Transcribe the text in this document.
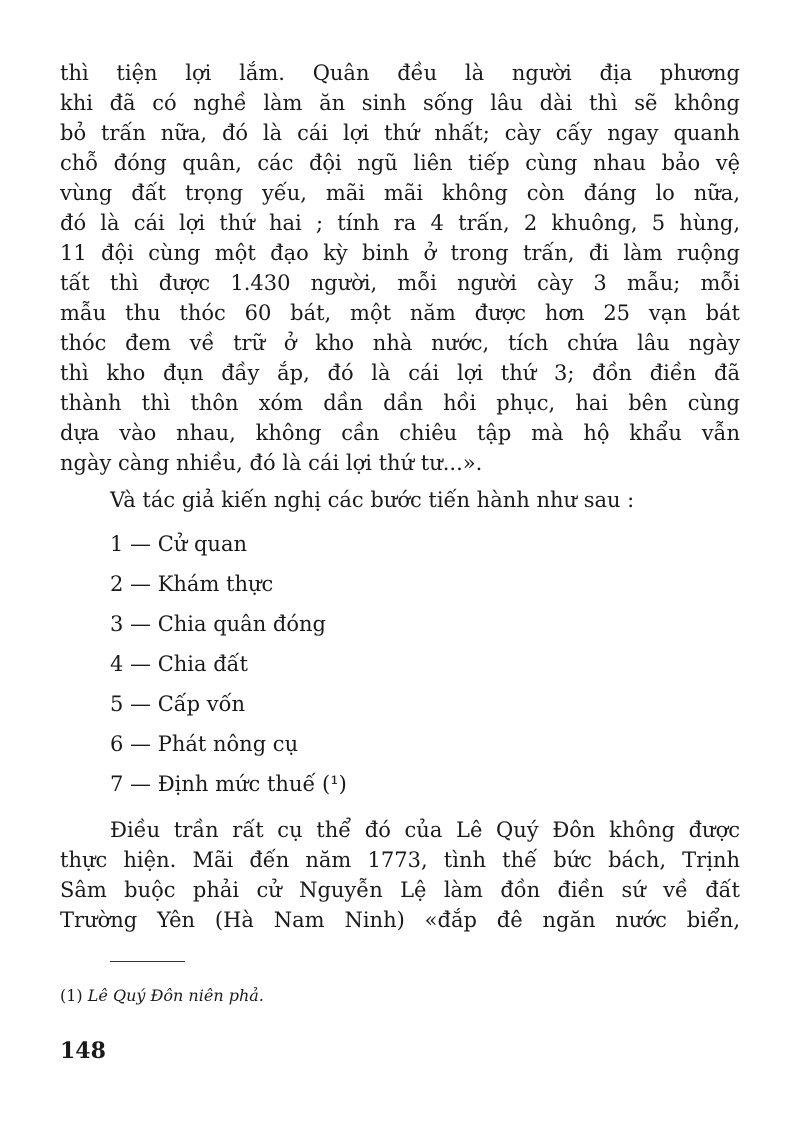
thì tiện lợi lắm. Quân đều là người địa phương
khi đã có nghề làm ăn sinh sống lâu dài thì sẽ không
bỏ trấn nữa, đó là cái lợi thứ nhất; cày cấy ngay quanh
chỗ đóng quân, các đội ngũ liên tiếp cùng nhau bảo vệ
vùng đất trọng yếu, mãi mãi không còn đáng lo nữa,
đó là cái lợi thứ hai ; tính ra 4 trấn, 2 khuông, 5 hùng,
11 đội cùng một đạo kỳ binh ở trong trấn, đi làm ruộng
tất thì được 1.430 người, mỗi người cày 3 mẫu; mỗi
mẫu thu thóc 60 bát, một năm được hơn 25 vạn bát
thóc đem về trữ ở kho nhà nước, tích chứa lâu ngày
thì kho đụn đầy ắp, đó là cái lợi thứ 3; đồn điền đã
thành thì thôn xóm dần dần hồi phục, hai bên cùng
dựa vào nhau, không cần chiêu tập mà hộ khẩu vẫn
ngày càng nhiều, đó là cái lợi thứ tư...».

Và tác giả kiến nghị các bước tiến hành như sau :

1 — Cử quan
2 — Khám thực
3 — Chia quân đóng
4 — Chia đất
5 — Cấp vốn
6 — Phát nông cụ
7 — Định mức thuế (¹)

Điều trần rất cụ thể đó của Lê Quý Đôn không được
thực hiện. Mãi đến năm 1773, tình thế bức bách, Trịnh
Sâm buộc phải cử Nguyễn Lệ làm đồn điền sứ về đất
Trường Yên (Hà Nam Ninh) «đắp đê ngăn nước biển,

(1) Lê Quý Đôn niên phả.
148
